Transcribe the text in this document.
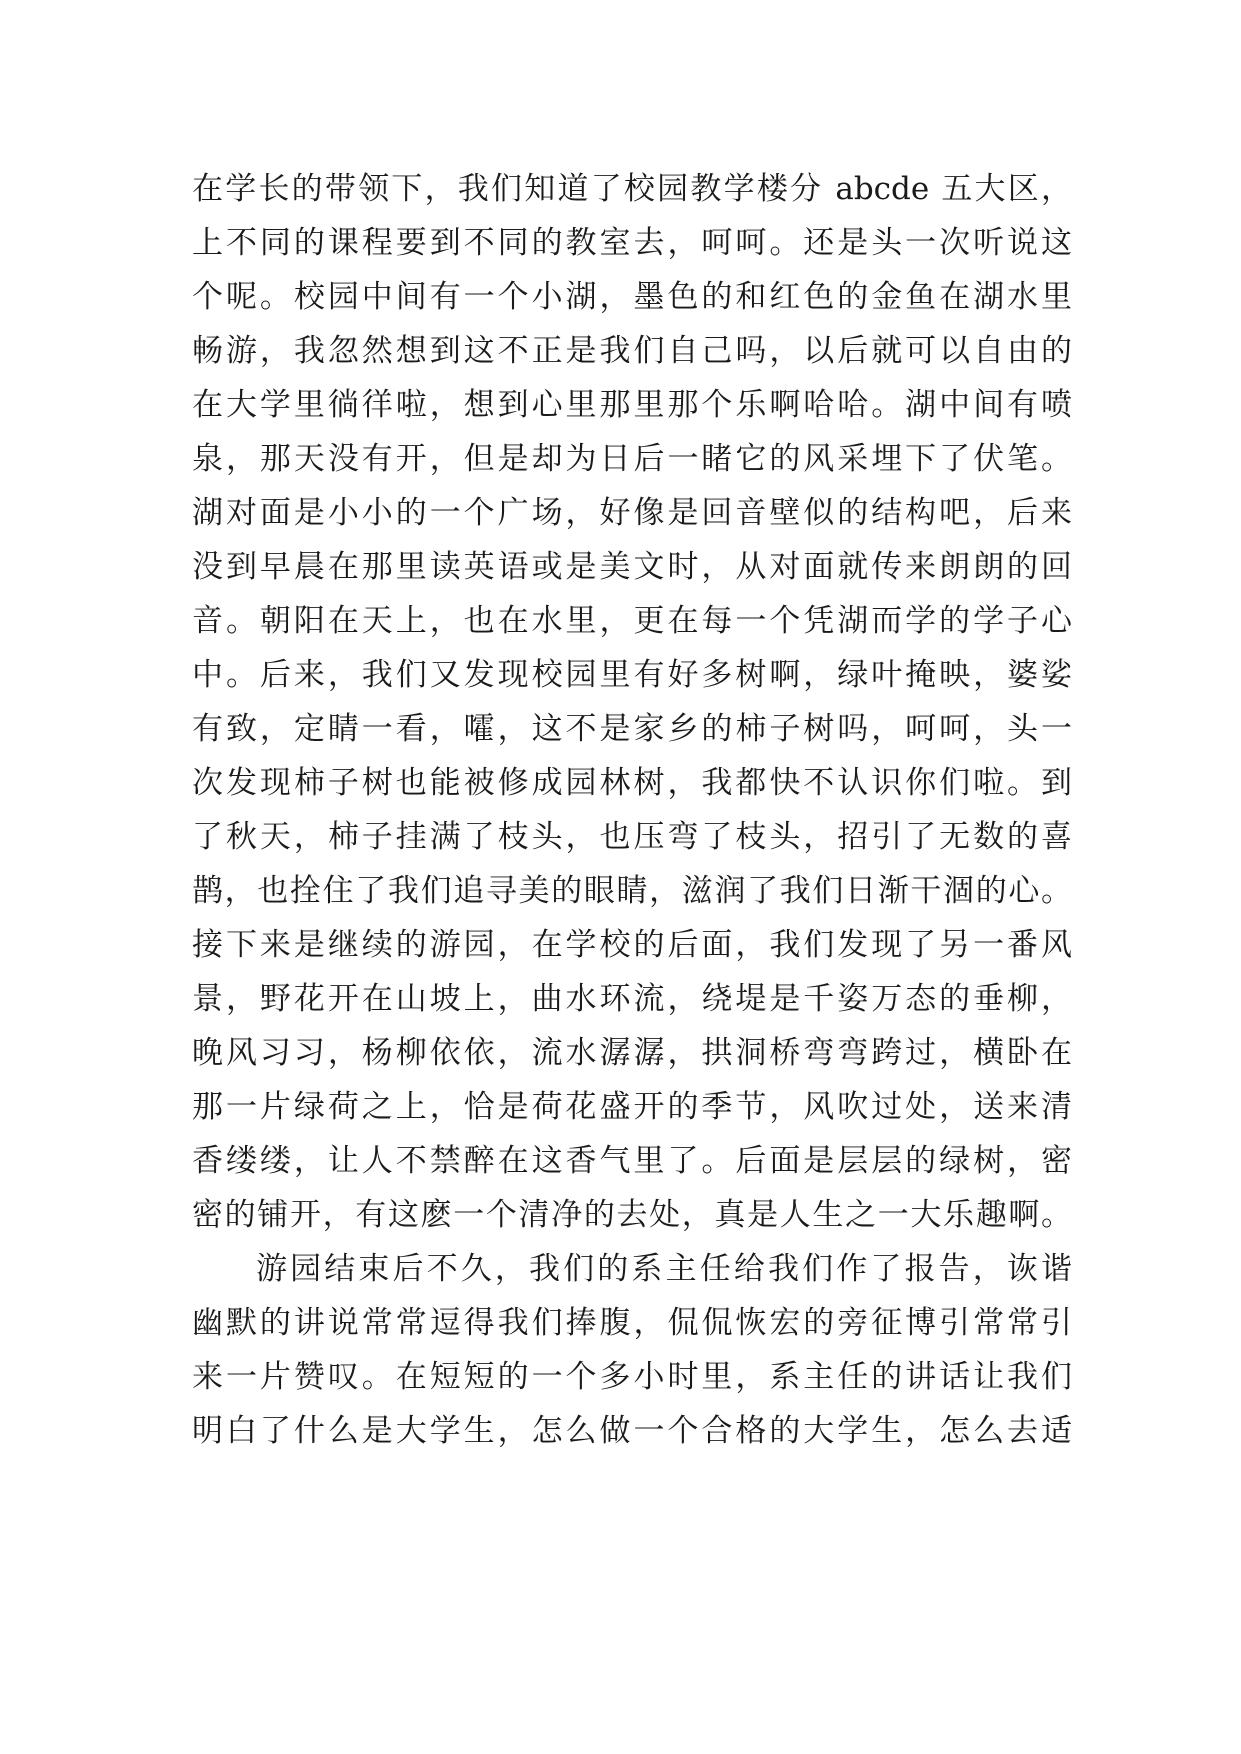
在学长的带领下，我们知道了校园教学楼分 abcde 五大区，
上不同的课程要到不同的教室去，呵呵。还是头一次听说这
个呢。校园中间有一个小湖，墨色的和红色的金鱼在湖水里
畅游，我忽然想到这不正是我们自己吗，以后就可以自由的
在大学里徜徉啦，想到心里那里那个乐啊哈哈。湖中间有喷
泉，那天没有开，但是却为日后一睹它的风采埋下了伏笔。
湖对面是小小的一个广场，好像是回音壁似的结构吧，后来
没到早晨在那里读英语或是美文时，从对面就传来朗朗的回
音。朝阳在天上，也在水里，更在每一个凭湖而学的学子心
中。后来，我们又发现校园里有好多树啊，绿叶掩映，婆娑
有致，定睛一看，嚯，这不是家乡的柿子树吗，呵呵，头一
次发现柿子树也能被修成园林树，我都快不认识你们啦。到
了秋天，柿子挂满了枝头，也压弯了枝头，招引了无数的喜
鹊，也拴住了我们追寻美的眼睛，滋润了我们日渐干涸的心。
接下来是继续的游园，在学校的后面，我们发现了另一番风
景，野花开在山坡上，曲水环流，绕堤是千姿万态的垂柳，
晚风习习，杨柳依依，流水潺潺，拱洞桥弯弯跨过，横卧在
那一片绿荷之上，恰是荷花盛开的季节，风吹过处，送来清
香缕缕，让人不禁醉在这香气里了。后面是层层的绿树，密
密的铺开，有这麽一个清净的去处，真是人生之一大乐趣啊。
游园结束后不久，我们的系主任给我们作了报告，诙谐
幽默的讲说常常逗得我们捧腹，侃侃恢宏的旁征博引常常引
来一片赞叹。在短短的一个多小时里，系主任的讲话让我们
明白了什么是大学生，怎么做一个合格的大学生，怎么去适
